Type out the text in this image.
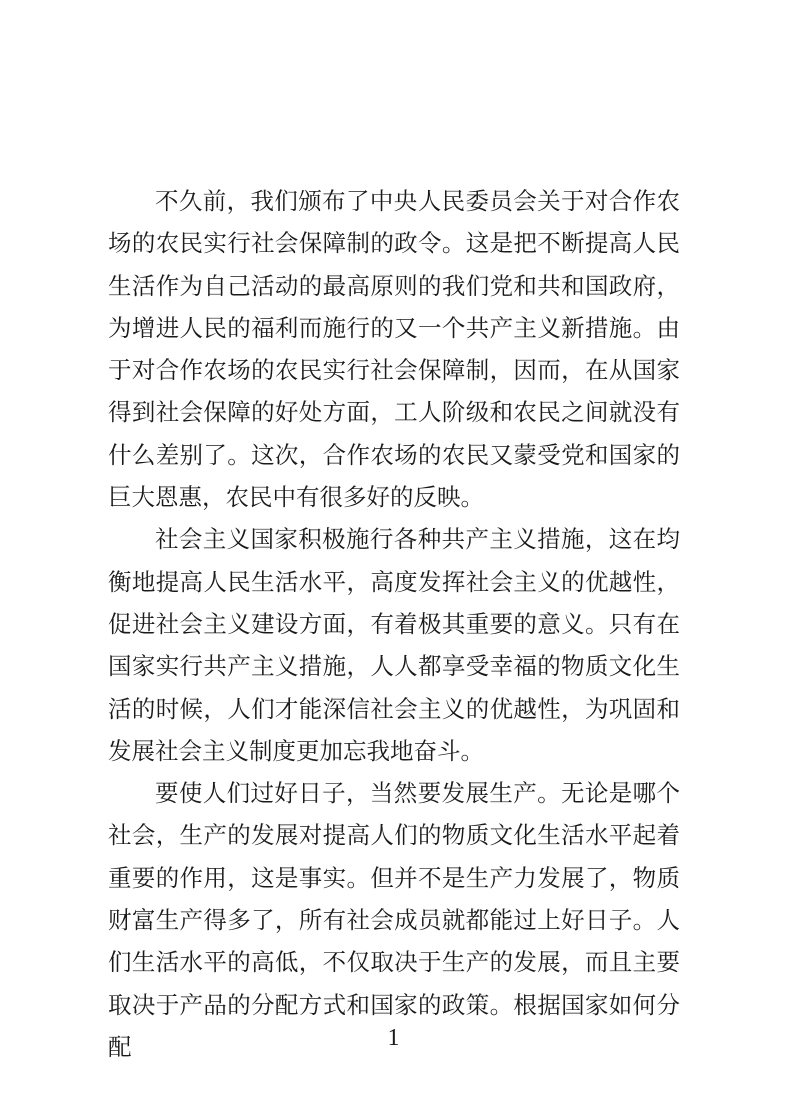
不久前，我们颁布了中央人民委员会关于对合作农场的农民实行社会保障制的政令。这是把不断提高人民生活作为自己活动的最高原则的我们党和共和国政府，为增进人民的福利而施行的又一个共产主义新措施。由于对合作农场的农民实行社会保障制，因而，在从国家得到社会保障的好处方面，工人阶级和农民之间就没有什么差别了。这次，合作农场的农民又蒙受党和国家的巨大恩惠，农民中有很多好的反映。

社会主义国家积极施行各种共产主义措施，这在均衡地提高人民生活水平，高度发挥社会主义的优越性，促进社会主义建设方面，有着极其重要的意义。只有在国家实行共产主义措施，人人都享受幸福的物质文化生活的时候，人们才能深信社会主义的优越性，为巩固和发展社会主义制度更加忘我地奋斗。

要使人们过好日子，当然要发展生产。无论是哪个社会，生产的发展对提高人们的物质文化生活水平起着重要的作用，这是事实。但并不是生产力发展了，物质财富生产得多了，所有社会成员就都能过上好日子。人们生活水平的高低，不仅取决于生产的发展，而且主要取决于产品的分配方式和国家的政策。根据国家如何分配	1
